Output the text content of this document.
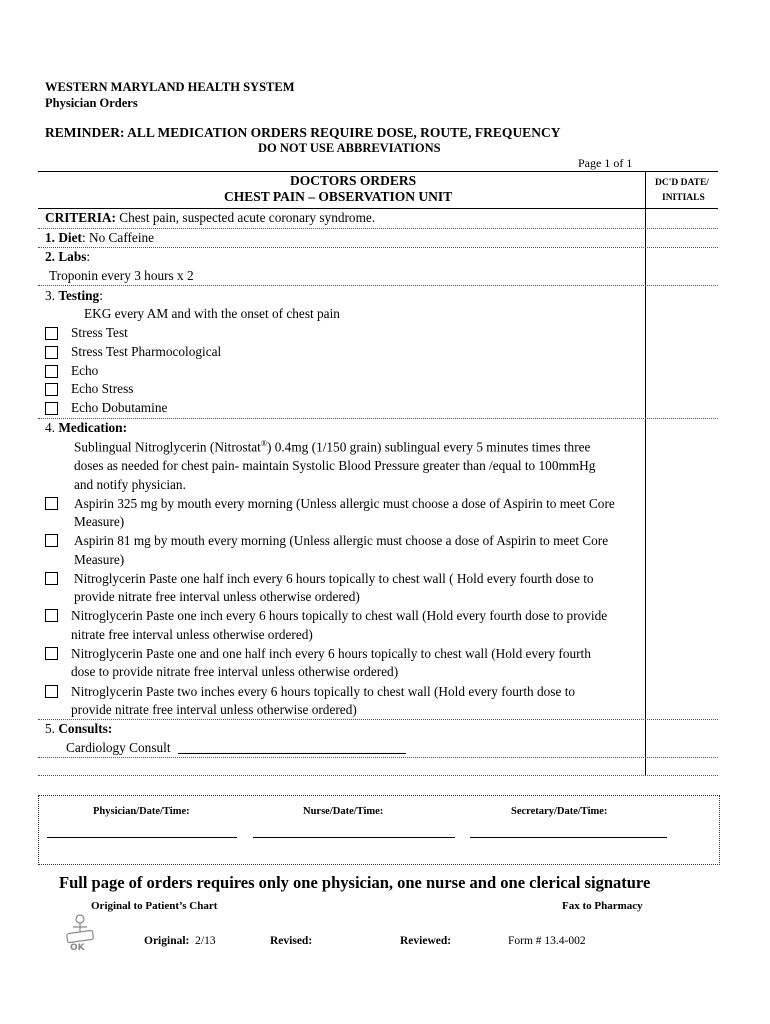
WESTERN MARYLAND HEALTH SYSTEM
Physician Orders
REMINDER: ALL MEDICATION ORDERS REQUIRE DOSE, ROUTE, FREQUENCY
DO NOT USE ABBREVIATIONS
Page 1 of 1
DOCTORS ORDERS
CHEST PAIN – OBSERVATION UNIT
DC'D DATE/
INITIALS
CRITERIA: Chest pain, suspected acute coronary syndrome.
1. Diet: No Caffeine
2. Labs:
Troponin every 3 hours x 2
3. Testing:
EKG every AM and with the onset of chest pain
Stress Test
Stress Test Pharmocological
Echo
Echo Stress
Echo Dobutamine
4. Medication:
Sublingual Nitroglycerin (Nitrostat®) 0.4mg (1/150 grain) sublingual every 5 minutes times three
doses as needed for chest pain- maintain Systolic Blood Pressure greater than /equal to 100mmHg
and notify physician.
Aspirin 325 mg by mouth every morning (Unless allergic must choose a dose of Aspirin to meet Core
Measure)
Aspirin 81 mg by mouth every morning (Unless allergic must choose a dose of Aspirin to meet Core
Measure)
Nitroglycerin Paste one half inch every 6 hours topically to chest wall ( Hold every fourth dose to
provide nitrate free interval unless otherwise ordered)
Nitroglycerin Paste one inch every 6 hours topically to chest wall (Hold every fourth dose to provide
nitrate free interval unless otherwise ordered)
Nitroglycerin Paste one and one half inch every 6 hours topically to chest wall (Hold every fourth
dose to provide nitrate free interval unless otherwise ordered)
Nitroglycerin Paste two inches every 6 hours topically to chest wall (Hold every fourth dose to
provide nitrate free interval unless otherwise ordered)
5. Consults:
Cardiology Consult
Physician/Date/Time:	Nurse/Date/Time:	Secretary/Date/Time:
Full page of orders requires only one physician, one nurse and one clerical signature
Original to Patient’s Chart	Fax to Pharmacy
OK
Original: 2/13	Revised:	Reviewed:	Form # 13.4-002
